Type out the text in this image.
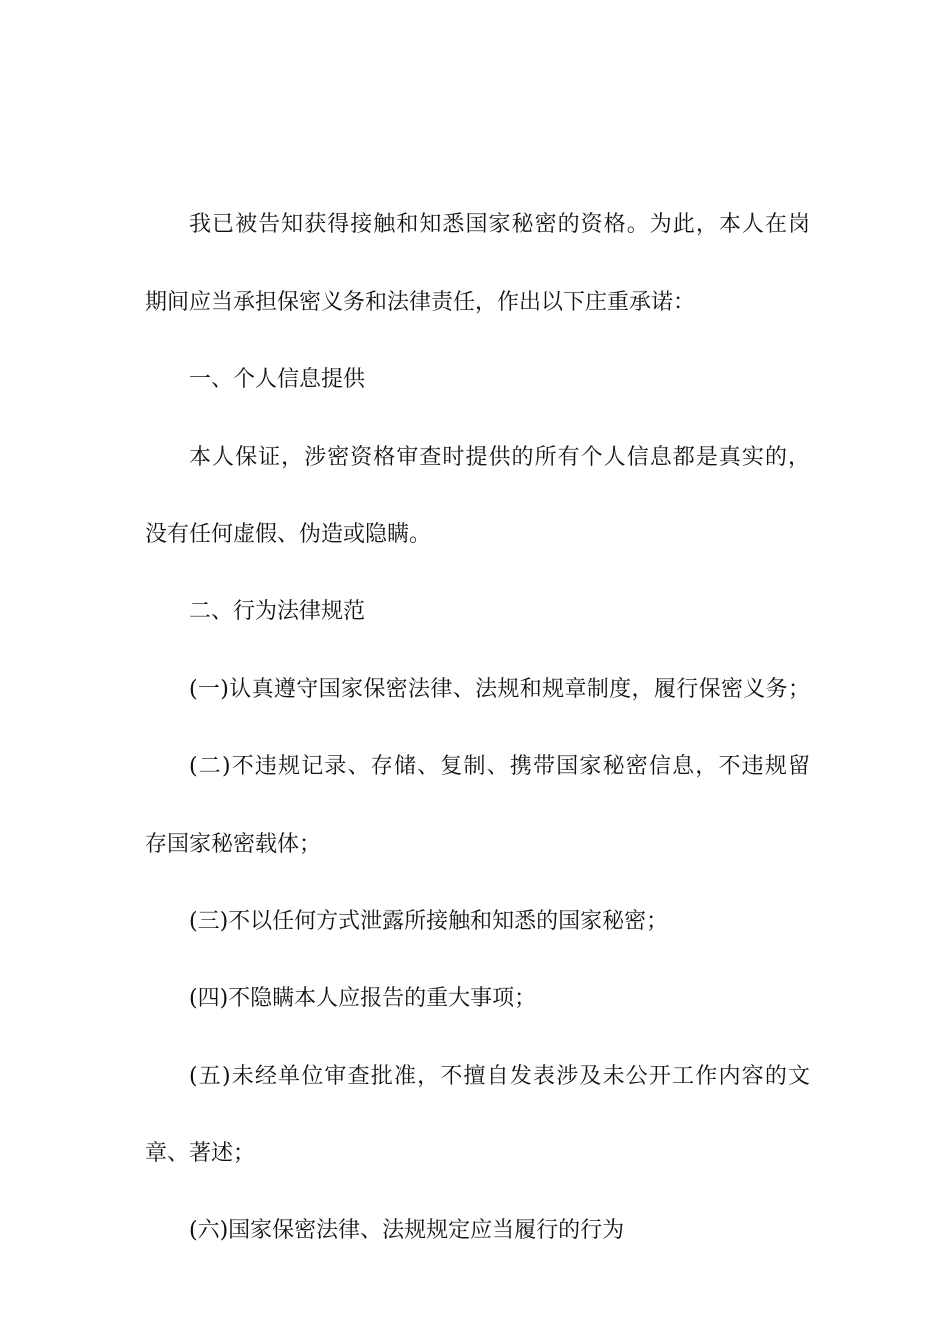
我已被告知获得接触和知悉国家秘密的资格。为此，本人在岗

期间应当承担保密义务和法律责任，作出以下庄重承诺：

一、个人信息提供

本人保证，涉密资格审查时提供的所有个人信息都是真实的，

没有任何虚假、伪造或隐瞒。

二、行为法律规范

(一)认真遵守国家保密法律、法规和规章制度，履行保密义务；

(二)不违规记录、存储、复制、携带国家秘密信息，不违规留

存国家秘密载体；

(三)不以任何方式泄露所接触和知悉的国家秘密；

(四)不隐瞒本人应报告的重大事项；

(五)未经单位审查批准，不擅自发表涉及未公开工作内容的文

章、著述；

(六)国家保密法律、法规规定应当履行的行为
